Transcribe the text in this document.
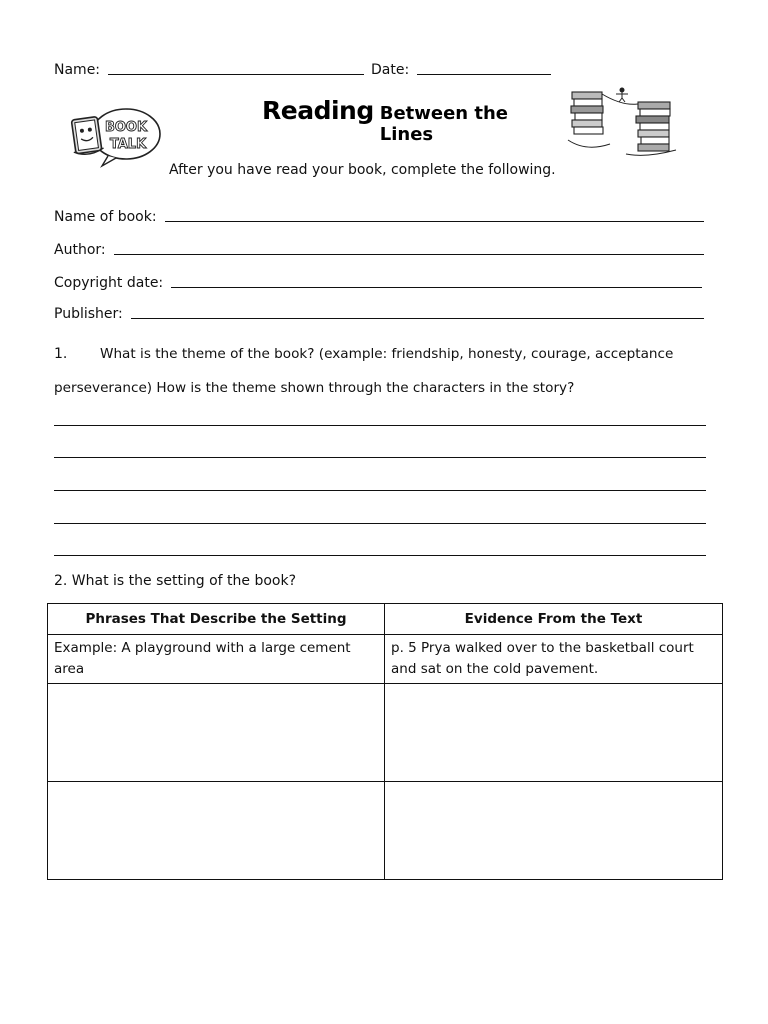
Name:	Date:
BOOK
TALK
Reading Between the Lines
After you have read your book, complete the following.
Name of book:
Author:
Copyright date:
Publisher:
1. What is the theme of the book? (example: friendship, honesty, courage, acceptance
perseverance) How is the theme shown through the characters in the story?
2. What is the setting of the book?
Phrases That Describe the Setting	Evidence From the Text
Example: A playground with a large cement area	p. 5 Prya walked over to the basketball court and sat on the cold pavement.
